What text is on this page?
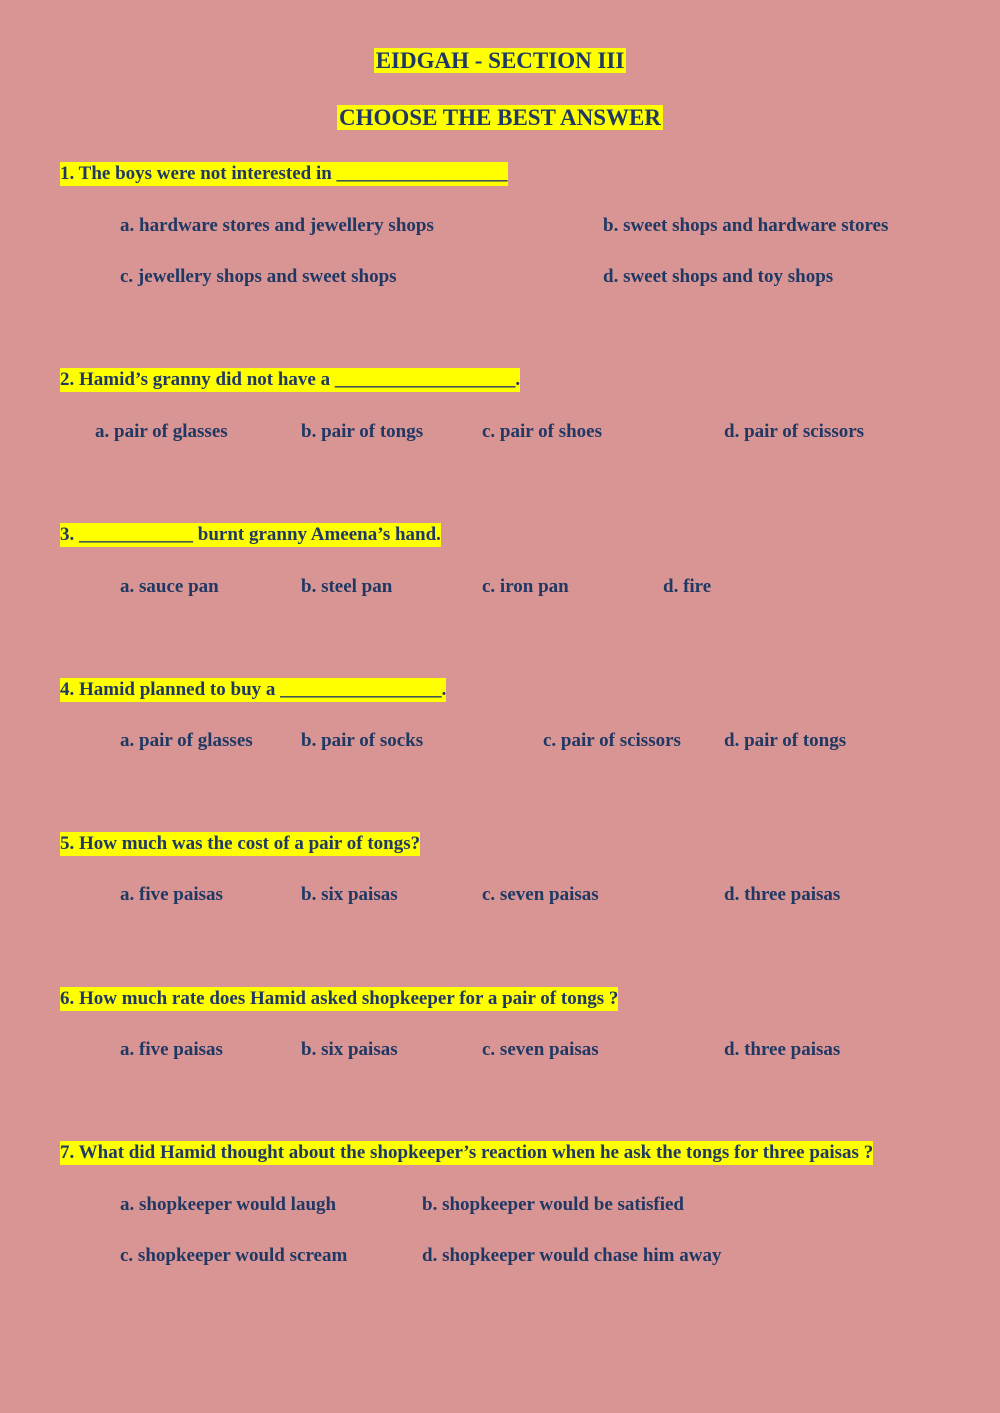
EIDGAH - SECTION III
CHOOSE THE BEST ANSWER
1. The boys were not interested in __________________
a. hardware stores and jewellery shops	b. sweet shops and hardware stores
c. jewellery shops and sweet shops	d. sweet shops and toy shops
2. Hamid’s granny did not have a ___________________.
a. pair of glasses	b. pair of tongs	c. pair of shoes	d. pair of scissors
3. ____________ burnt granny Ameena’s hand.
a. sauce pan	b. steel pan	c. iron pan	d. fire
4. Hamid planned to buy a _________________.
a. pair of glasses	b. pair of socks	c. pair of scissors d. pair of tongs
5. How much was the cost of a pair of tongs?
a. five paisas	b. six paisas	c. seven paisas	d. three paisas
6. How much rate does Hamid asked shopkeeper for a pair of tongs ?
a. five paisas	b. six paisas	c. seven paisas	d. three paisas
7. What did Hamid thought about the shopkeeper’s reaction when he ask the tongs for three paisas ?
a. shopkeeper would laugh	b. shopkeeper would be satisfied
c. shopkeeper would scream	d. shopkeeper would chase him away
